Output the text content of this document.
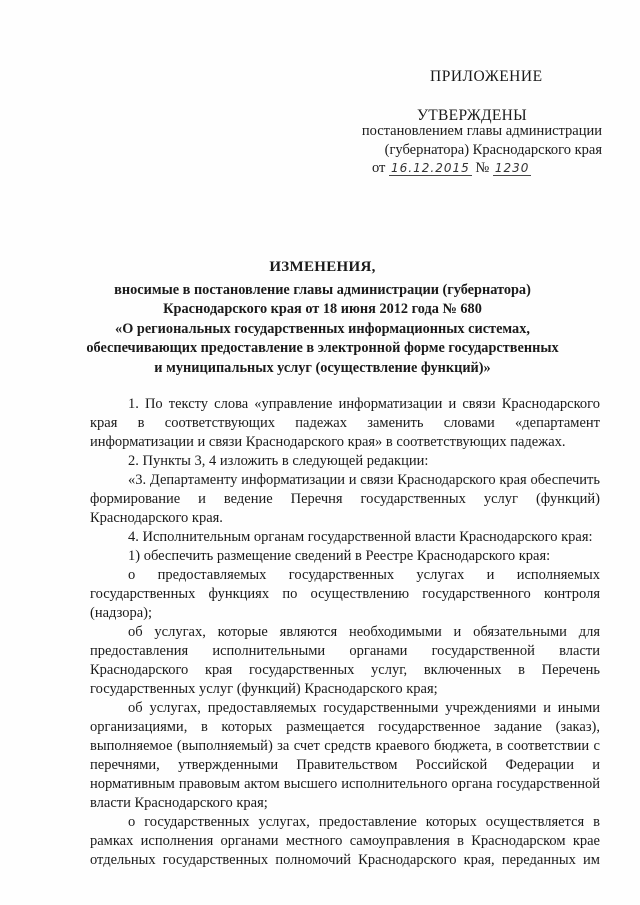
ПРИЛОЖЕНИЕ
УТВЕРЖДЕНЫ
постановлением главы администрации
(губернатора) Краснодарского края
от 16.12.2015 № 1230
ИЗМЕНЕНИЯ,
вносимые в постановление главы администрации (губернатора)
Краснодарского края от 18 июня 2012 года № 680
«О региональных государственных информационных системах,
обеспечивающих предоставление в электронной форме государственных
и муниципальных услуг (осуществление функций)»

1. По тексту слова «управление информатизации и связи Краснодарского края в соответствующих падежах заменить словами «департамент информатизации и связи Краснодарского края» в соответствующих падежах.

2. Пункты 3, 4 изложить в следующей редакции:

«3. Департаменту информатизации и связи Краснодарского края обеспечить формирование и ведение Перечня государственных услуг (функций) Краснодарского края.

4. Исполнительным органам государственной власти Краснодарского края:

1) обеспечить размещение сведений в Реестре Краснодарского края:

о предоставляемых государственных услугах и исполняемых государственных функциях по осуществлению государственного контроля (надзора);

об услугах, которые являются необходимыми и обязательными для предоставления исполнительными органами государственной власти Краснодарского края государственных услуг, включенных в Перечень государственных услуг (функций) Краснодарского края;

об услугах, предоставляемых государственными учреждениями и иными организациями, в которых размещается государственное задание (заказ), выполняемое (выполняемый) за счет средств краевого бюджета, в соответствии с перечнями, утвержденными Правительством Российской Федерации и нормативным правовым актом высшего исполнительного органа государственной власти Краснодарского края;

о государственных услугах, предоставление которых осуществляется в рамках исполнения органами местного самоуправления в Краснодарском крае отдельных государственных полномочий Краснодарского края, переданных им
